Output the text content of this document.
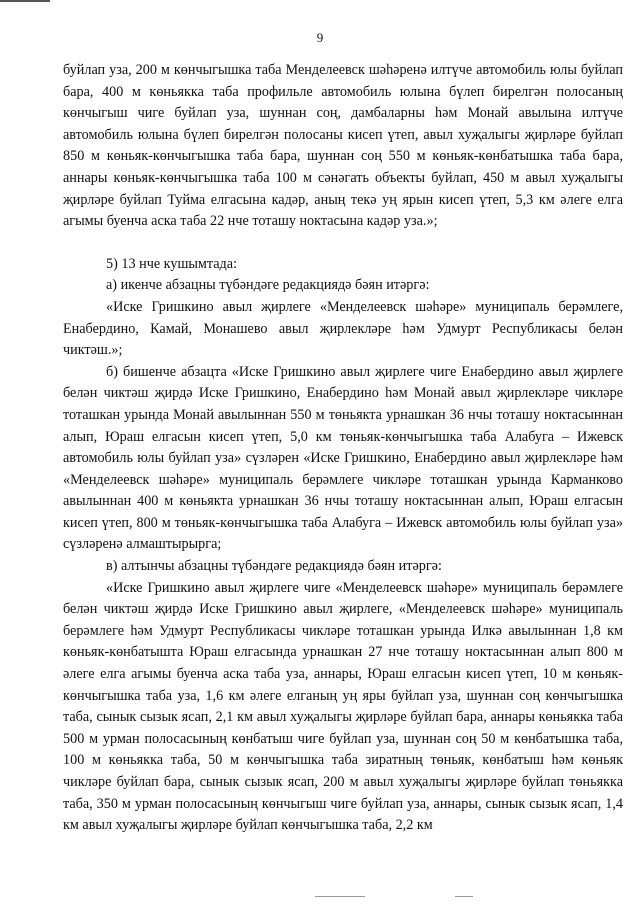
9

буйлап уза, 200 м көнчыгышка таба Менделеевск шәһәренә илтүче автомобиль юлы буйлап бара, 400 м көньякка таба профильле автомобиль юлына бүлеп бирелгән полосаның көнчыгыш чиге буйлап уза, шуннан соң, дамбаларны һәм Монай авылына илтүче автомобиль юлына бүлеп бирелгән полосаны кисеп үтеп, авыл хуҗалыгы җирләре буйлап 850 м көньяк-көнчыгышка таба бара, шуннан соң 550 м көньяк-көнбатышка таба бара, аннары көньяк-көнчыгышка таба 100 м сәнәгать объекты буйлап, 450 м авыл хуҗалыгы җирләре буйлап Туйма елгасына кадәр, аның текә уң ярын кисеп үтеп, 5,3 км әлеге елга агымы буенча аска таба 22 нче тоташу ноктасына кадәр уза.»;

5) 13 нче кушымтада:

а) икенче абзацны түбәндәге редакциядә бәян итәргә:

«Иске Гришкино авыл җирлеге «Менделеевск шәһәре» муниципаль берәмлеге, Енабердино, Камай, Монашево авыл җирлекләре һәм Удмурт Республикасы белән чиктәш.»;

б) бишенче абзацта «Иске Гришкино авыл җирлеге чиге Енабердино авыл җирлеге белән чиктәш җирдә Иске Гришкино, Енабердино һәм Монай авыл җирлекләре чикләре тоташкан урында Монай авылыннан 550 м төньякта урнашкан 36 нчы тоташу ноктасыннан алып, Юраш елгасын кисеп үтеп, 5,0 км төньяк-көнчыгышка таба Алабуга – Ижевск автомобиль юлы буйлап уза» сүзләрен «Иске Гришкино, Енабердино авыл җирлекләре һәм «Менделеевск шәһәре» муниципаль берәмлеге чикләре тоташкан урында Карманково авылыннан 400 м көньякта урнашкан 36 нчы тоташу ноктасыннан алып, Юраш елгасын кисеп үтеп, 800 м төньяк-көнчыгышка таба Алабуга – Ижевск автомобиль юлы буйлап уза» сүзләренә алмаштырырга;

в) алтынчы абзацны түбәндәге редакциядә бәян итәргә:

«Иске Гришкино авыл җирлеге чиге «Менделеевск шәһәре» муниципаль берәмлеге белән чиктәш җирдә Иске Гришкино авыл җирлеге, «Менделеевск шәһәре» муниципаль берәмлеге һәм Удмурт Республикасы чикләре тоташкан урында Илкә авылыннан 1,8 км көньяк-көнбатышта Юраш елгасында урнашкан 27 нче тоташу ноктасыннан алып 800 м әлеге елга агымы буенча аска таба уза, аннары, Юраш елгасын кисеп үтеп, 10 м көньяк-көнчыгышка таба уза, 1,6 км әлеге елганың уң яры буйлап уза, шуннан соң көнчыгышка таба, сынык сызык ясап, 2,1 км авыл хуҗалыгы җирләре буйлап бара, аннары көньякка таба 500 м урман полосасының көнбатыш чиге буйлап уза, шуннан соң 50 м көнбатышка таба, 100 м көньякка таба, 50 м көнчыгышка таба зиратның төньяк, көнбатыш һәм көньяк чикләре буйлап бара, сынык сызык ясап, 200 м авыл хуҗалыгы җирләре буйлап төньякка таба, 350 м урман полосасының көнчыгыш чиге буйлап уза, аннары, сынык сызык ясап, 1,4 км авыл хуҗалыгы җирләре буйлап көнчыгышка таба, 2,2 км
